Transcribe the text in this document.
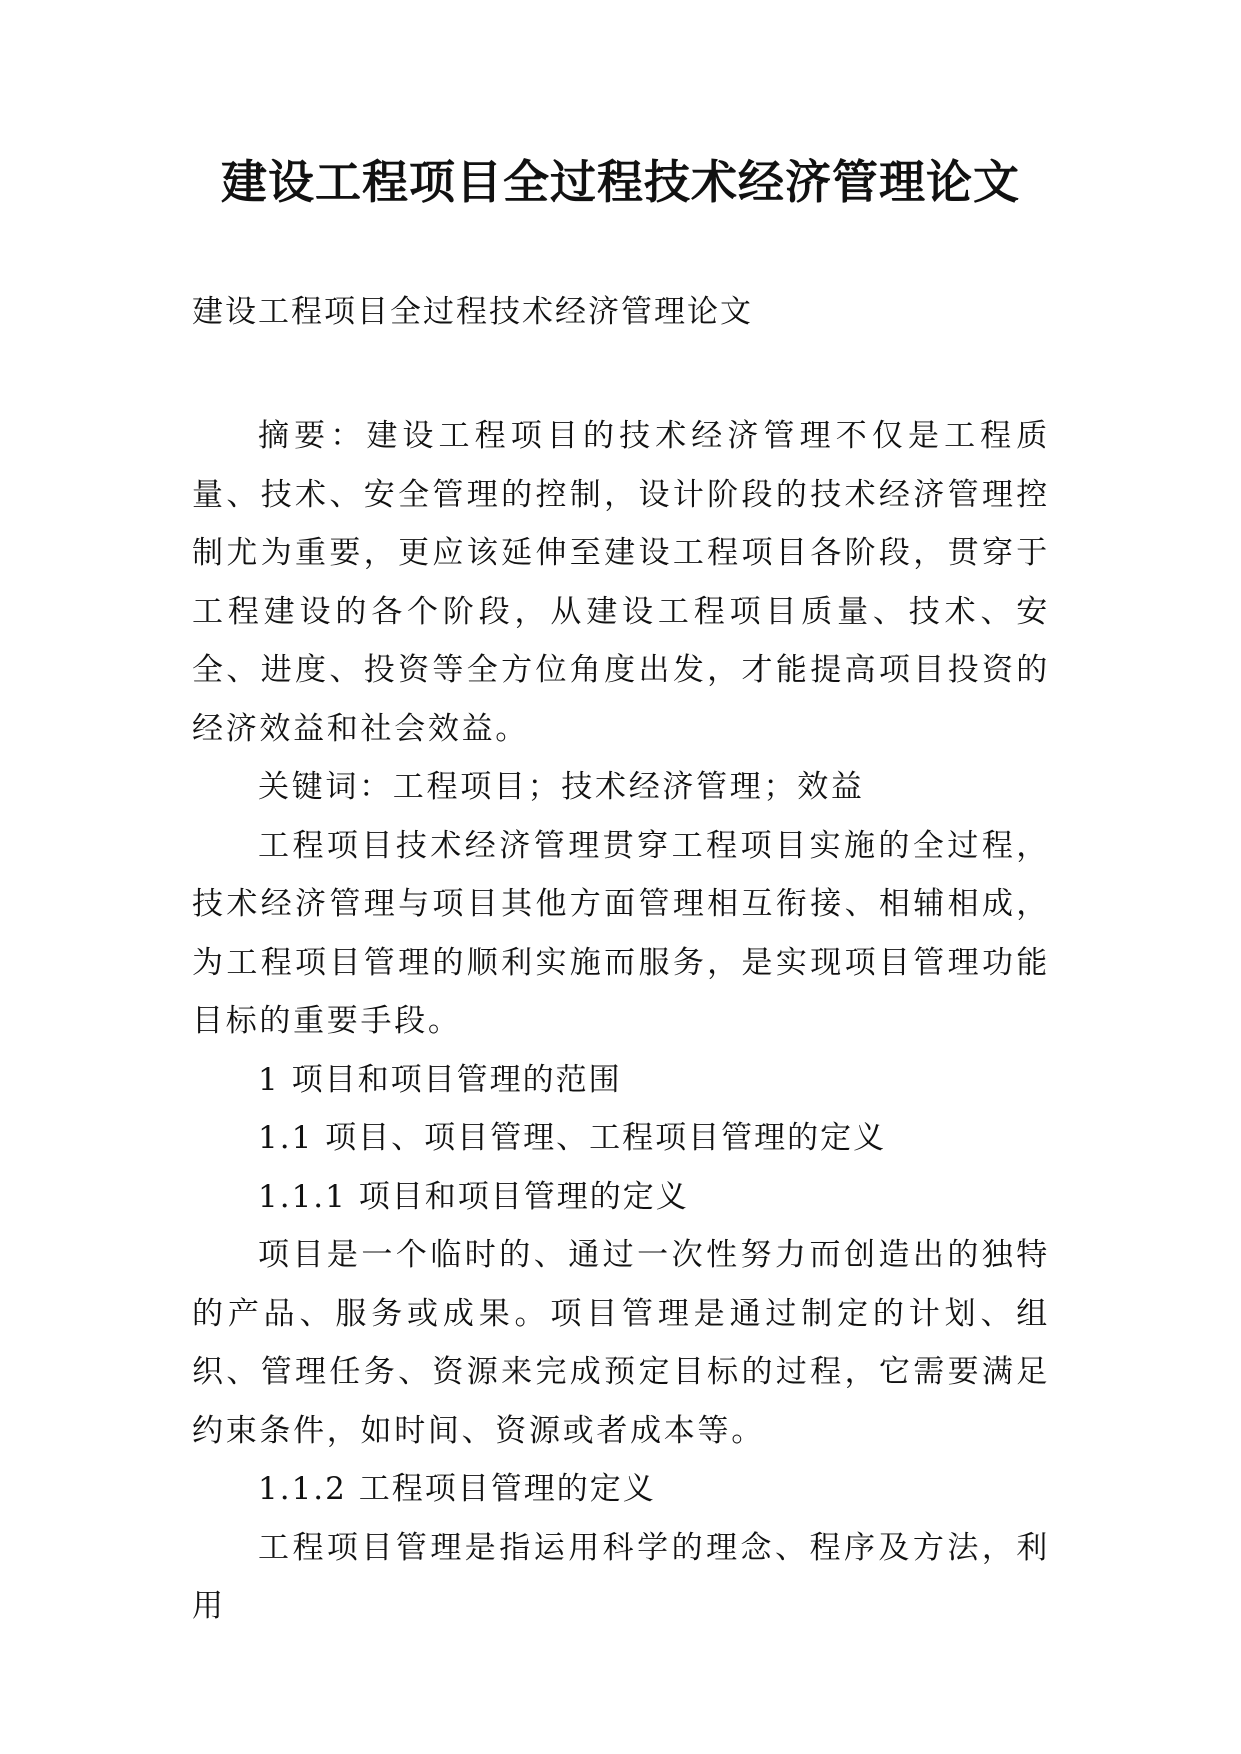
建设工程项目全过程技术经济管理论文

建设工程项目全过程技术经济管理论文

摘要：建设工程项目的技术经济管理不仅是工程质量、技术、安全管理的控制，设计阶段的技术经济管理控制尤为重要，更应该延伸至建设工程项目各阶段，贯穿于工程建设的各个阶段，从建设工程项目质量、技术、安全、进度、投资等全方位角度出发，才能提高项目投资的经济效益和社会效益。

关键词：工程项目；技术经济管理；效益

工程项目技术经济管理贯穿工程项目实施的全过程，技术经济管理与项目其他方面管理相互衔接、相辅相成，为工程项目管理的顺利实施而服务，是实现项目管理功能目标的重要手段。

1 项目和项目管理的范围

1.1 项目、项目管理、工程项目管理的定义

1.1.1 项目和项目管理的定义

项目是一个临时的、通过一次性努力而创造出的独特的产品、服务或成果。项目管理是通过制定的计划、组织、管理任务、资源来完成预定目标的过程，它需要满足约束条件，如时间、资源或者成本等。

1.1.2 工程项目管理的定义

工程项目管理是指运用科学的理念、程序及方法，利用
